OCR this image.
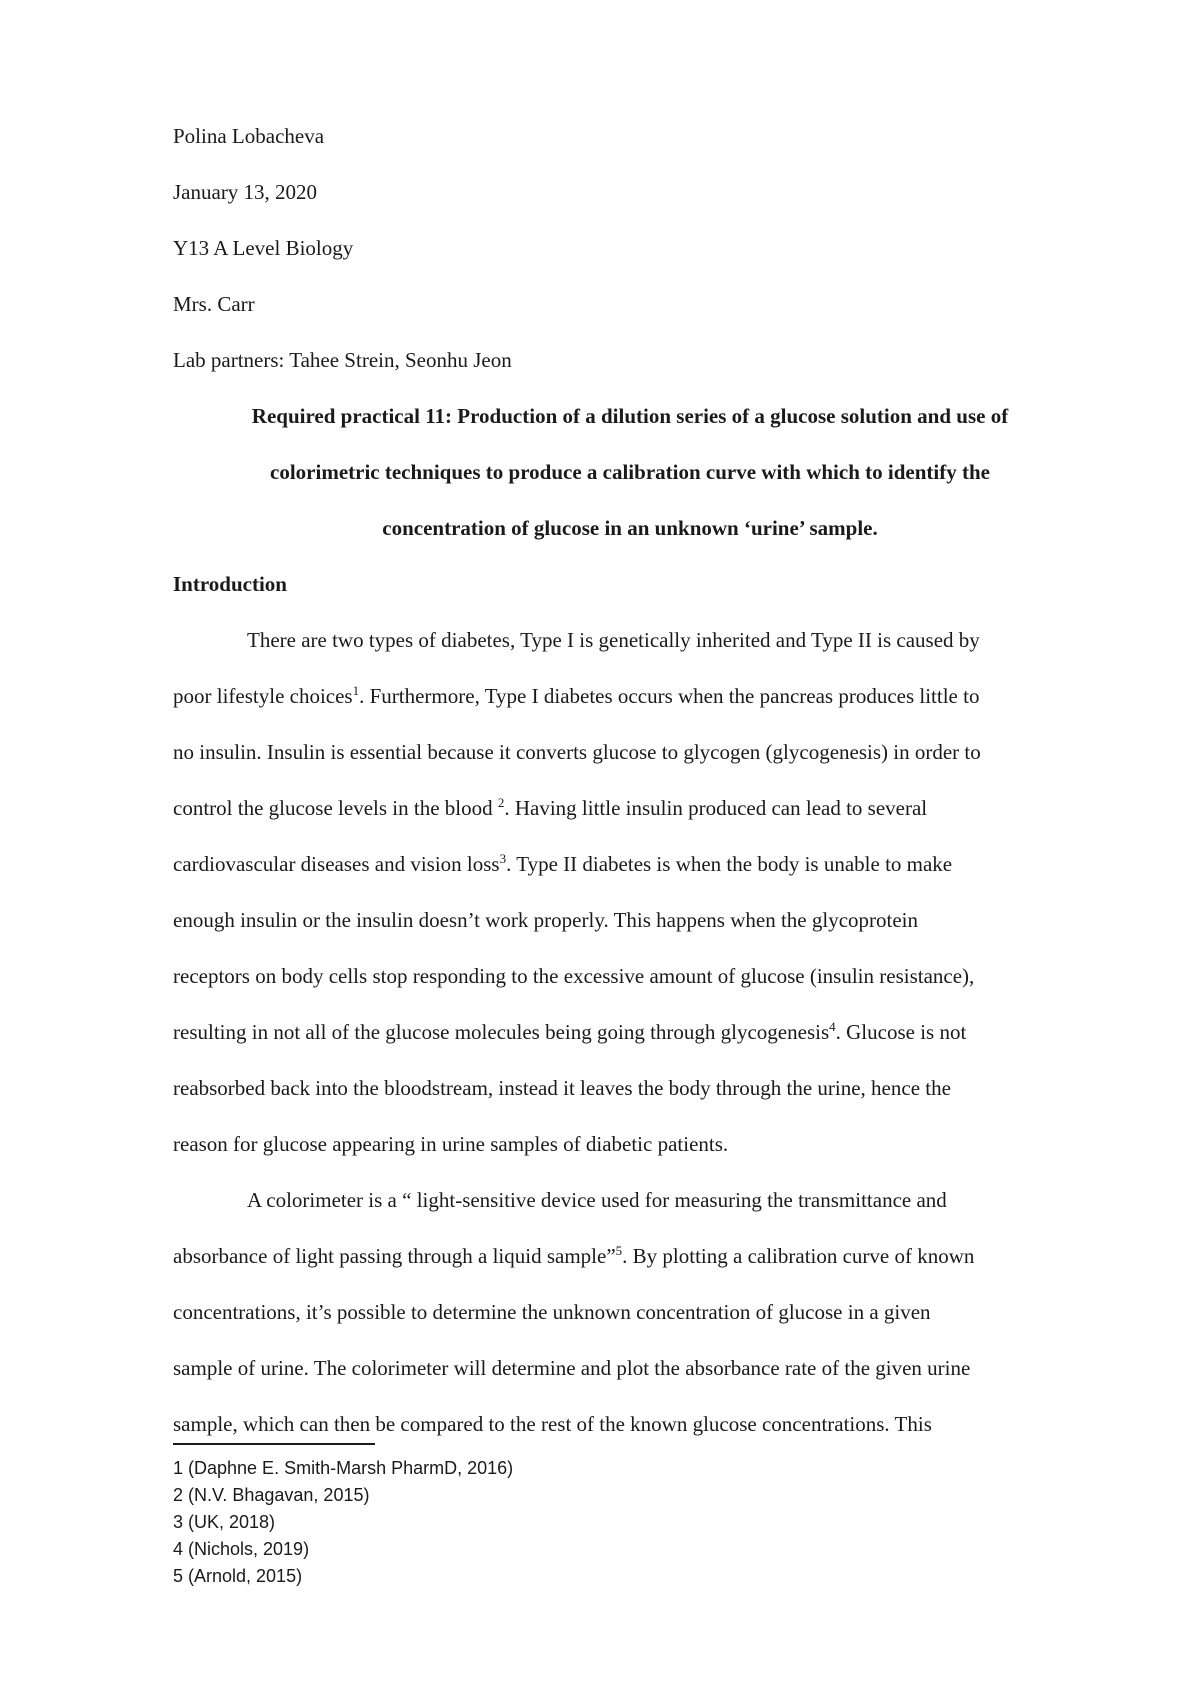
Polina Lobacheva

January 13, 2020

Y13 A Level Biology

Mrs. Carr

Lab partners: Tahee Strein, Seonhu Jeon

Required practical 11: Production of a dilution series of a glucose solution and use of
colorimetric techniques to produce a calibration curve with which to identify the
concentration of glucose in an unknown ‘urine’ sample.

Introduction

There are two types of diabetes, Type I is genetically inherited and Type II is caused by
poor lifestyle choices$^1$. Furthermore, Type I diabetes occurs when the pancreas produces little to
no insulin. Insulin is essential because it converts glucose to glycogen (glycogenesis) in order to
control the glucose levels in the blood $^2$. Having little insulin produced can lead to several
cardiovascular diseases and vision loss$^3$. Type II diabetes is when the body is unable to make
enough insulin or the insulin doesn’t work properly. This happens when the glycoprotein
receptors on body cells stop responding to the excessive amount of glucose (insulin resistance),
resulting in not all of the glucose molecules being going through glycogenesis$^4$. Glucose is not
reabsorbed back into the bloodstream, instead it leaves the body through the urine, hence the
reason for glucose appearing in urine samples of diabetic patients.
A colorimeter is a “ light-sensitive device used for measuring the transmittance and
absorbance of light passing through a liquid sample”$^5$. By plotting a calibration curve of known
concentrations, it’s possible to determine the unknown concentration of glucose in a given
sample of urine. The colorimeter will determine and plot the absorbance rate of the given urine
sample, which can then be compared to the rest of the known glucose concentrations. This
1 (Daphne E. Smith-Marsh PharmD, 2016)
2 (N.V. Bhagavan, 2015)
3 (UK, 2018)
4 (Nichols, 2019)
5 (Arnold, 2015)
